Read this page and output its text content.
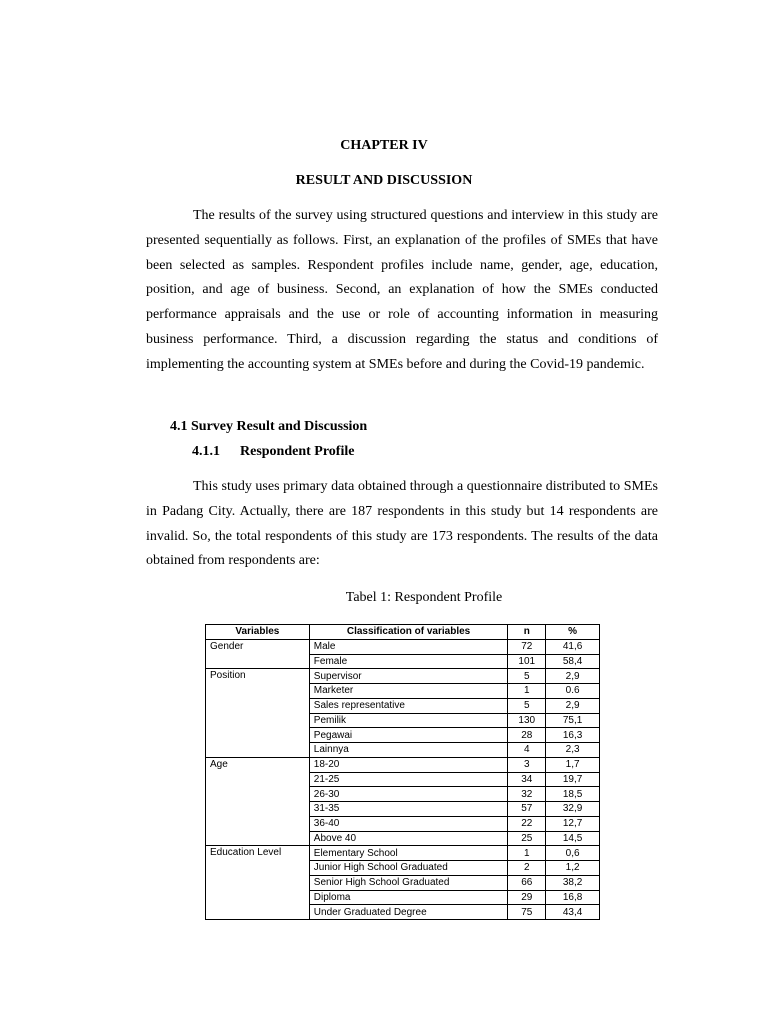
CHAPTER IV
RESULT AND DISCUSSION

The results of the survey using structured questions and interview in this study are presented sequentially as follows. First, an explanation of the profiles of SMEs that have been selected as samples. Respondent profiles include name, gender, age, education, position, and age of business. Second, an explanation of how the SMEs conducted performance appraisals and the use or role of accounting information in measuring business performance. Third, a discussion regarding the status and conditions of implementing the accounting system at SMEs before and during the Covid-19 pandemic.

4.1 Survey Result and Discussion
4.1.1 Respondent Profile

This study uses primary data obtained through a questionnaire distributed to SMEs in Padang City. Actually, there are 187 respondents in this study but 14 respondents are invalid. So, the total respondents of this study are 173 respondents. The results of the data obtained from respondents are:

Tabel 1: Respondent Profile
Variables	Classification of variables	n	%
Gender	Male	72	41,6
	Female	101	58,4
Position	Supervisor	5	2,9
	Marketer	1	0.6
	Sales representative	5	2,9
	Pemilik	130	75,1
	Pegawai	28	16,3
	Lainnya	4	2,3
Age	18-20	3	1,7
	21-25	34	19,7
	26-30	32	18,5
	31-35	57	32,9
	36-40	22	12,7
	Above 40	25	14,5
Education Level	Elementary School	1	0,6
	Junior High School Graduated	2	1,2
	Senior High School Graduated	66	38,2
	Diploma	29	16,8
	Under Graduated Degree	75	43,4
